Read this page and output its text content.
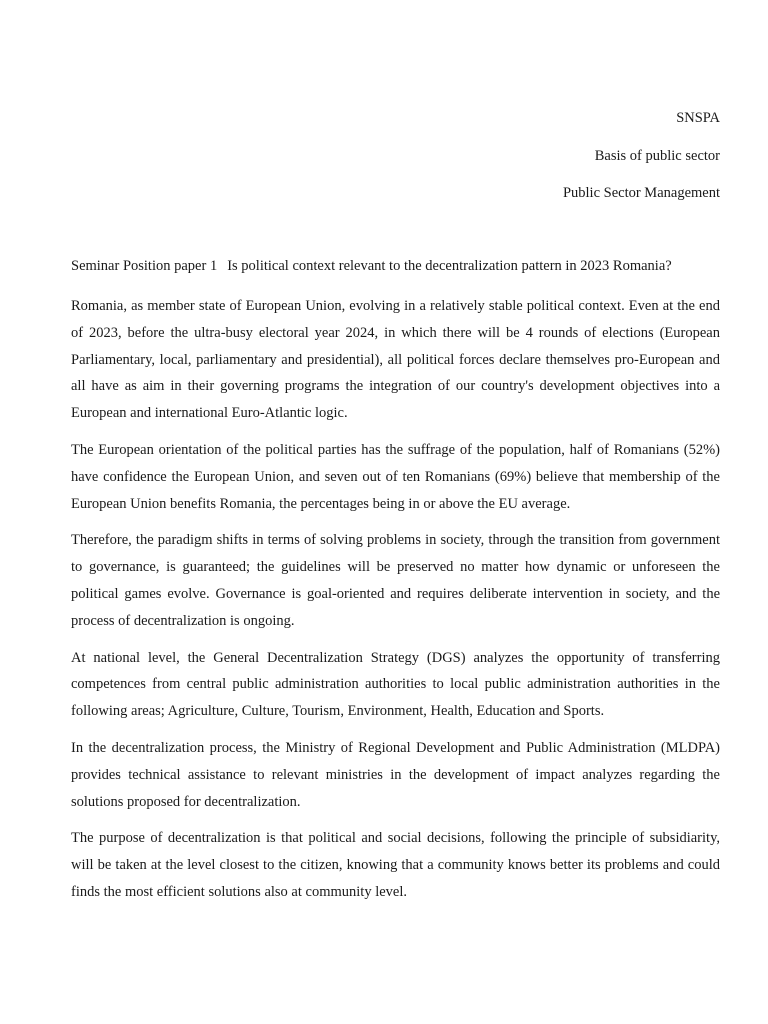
SNSPA
Basis of public sector
Public Sector Management
Seminar Position paper 1 Is political context relevant to the decentralization pattern in 2023 Romania?

Romania, as member state of European Union, evolving in a relatively stable political context. Even at the end of 2023, before the ultra-busy electoral year 2024, in which there will be 4 rounds of elections (European Parliamentary, local, parliamentary and presidential), all political forces declare themselves pro-European and all have as aim in their governing programs the integration of our country's development objectives into a European and international Euro-Atlantic logic.

The European orientation of the political parties has the suffrage of the population, half of Romanians (52%) have confidence the European Union, and seven out of ten Romanians (69%) believe that membership of the European Union benefits Romania, the percentages being in or above the EU average.

Therefore, the paradigm shifts in terms of solving problems in society, through the transition from government to governance, is guaranteed; the guidelines will be preserved no matter how dynamic or unforeseen the political games evolve. Governance is goal-oriented and requires deliberate intervention in society, and the process of decentralization is ongoing.

At national level, the General Decentralization Strategy (DGS) analyzes the opportunity of transferring competences from central public administration authorities to local public administration authorities in the following areas; Agriculture, Culture, Tourism, Environment, Health, Education and Sports.

In the decentralization process, the Ministry of Regional Development and Public Administration (MLDPA) provides technical assistance to relevant ministries in the development of impact analyzes regarding the solutions proposed for decentralization.

The purpose of decentralization is that political and social decisions, following the principle of subsidiarity, will be taken at the level closest to the citizen, knowing that a community knows better its problems and could finds the most efficient solutions also at community level.
